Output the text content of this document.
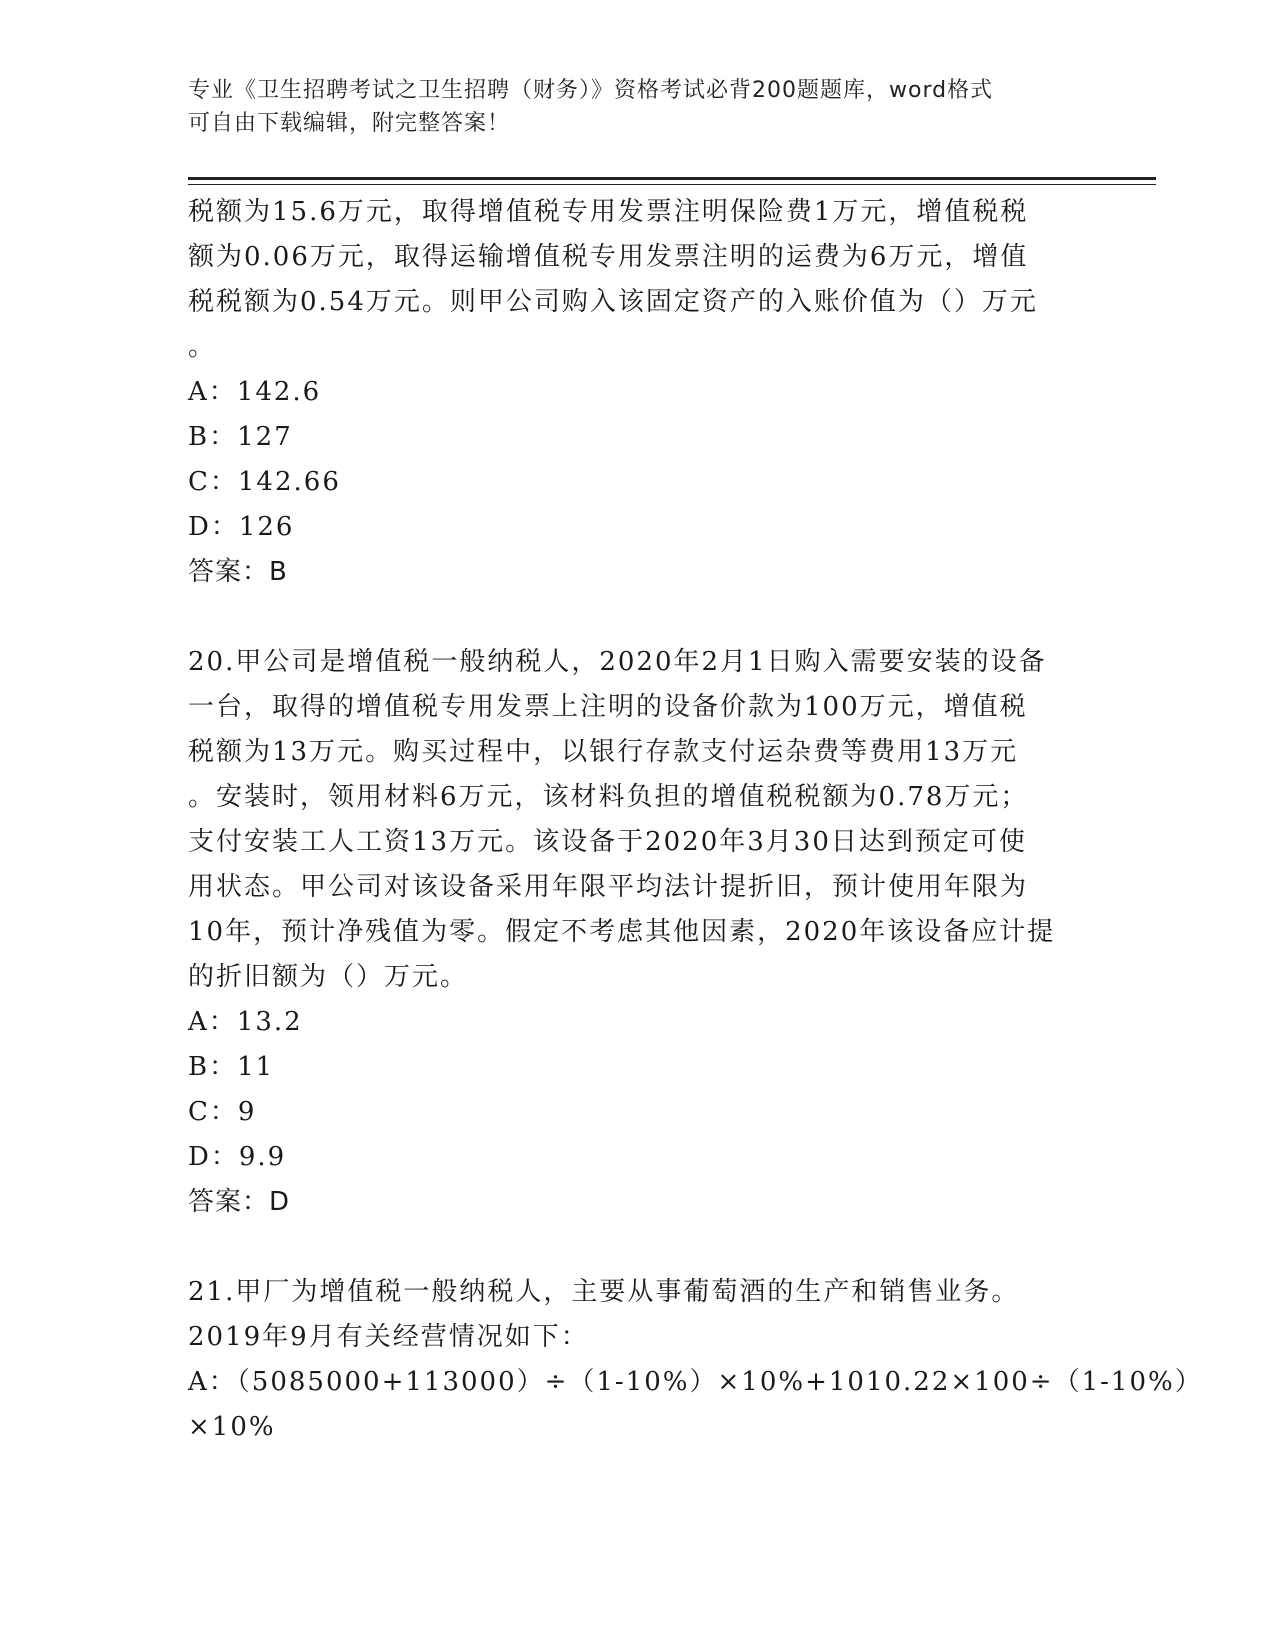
专业《卫生招聘考试之卫生招聘（财务）》资格考试必背200题题库，word格式
可自由下载编辑，附完整答案！
税额为15.6万元，取得增值税专用发票注明保险费1万元，增值税税
额为0.06万元，取得运输增值税专用发票注明的运费为6万元，增值
税税额为0.54万元。则甲公司购入该固定资产的入账价值为（）万元
。
A：142.6
B：127
C：142.66
D：126
答案：B
20.甲公司是增值税一般纳税人，2020年2月1日购入需要安装的设备
一台，取得的增值税专用发票上注明的设备价款为100万元，增值税
税额为13万元。购买过程中，以银行存款支付运杂费等费用13万元
。安装时，领用材料6万元，该材料负担的增值税税额为0.78万元；
支付安装工人工资13万元。该设备于2020年3月30日达到预定可使
用状态。甲公司对该设备采用年限平均法计提折旧，预计使用年限为
10年，预计净残值为零。假定不考虑其他因素，2020年该设备应计提
的折旧额为（）万元。
A：13.2
B：11
C：9
D：9.9
答案：D
21.甲厂为增值税一般纳税人，主要从事葡萄酒的生产和销售业务。
2019年9月有关经营情况如下：
A：（5085000+113000）÷（1-10%）×10%+1010.22×100÷（1-10%）
×10%
